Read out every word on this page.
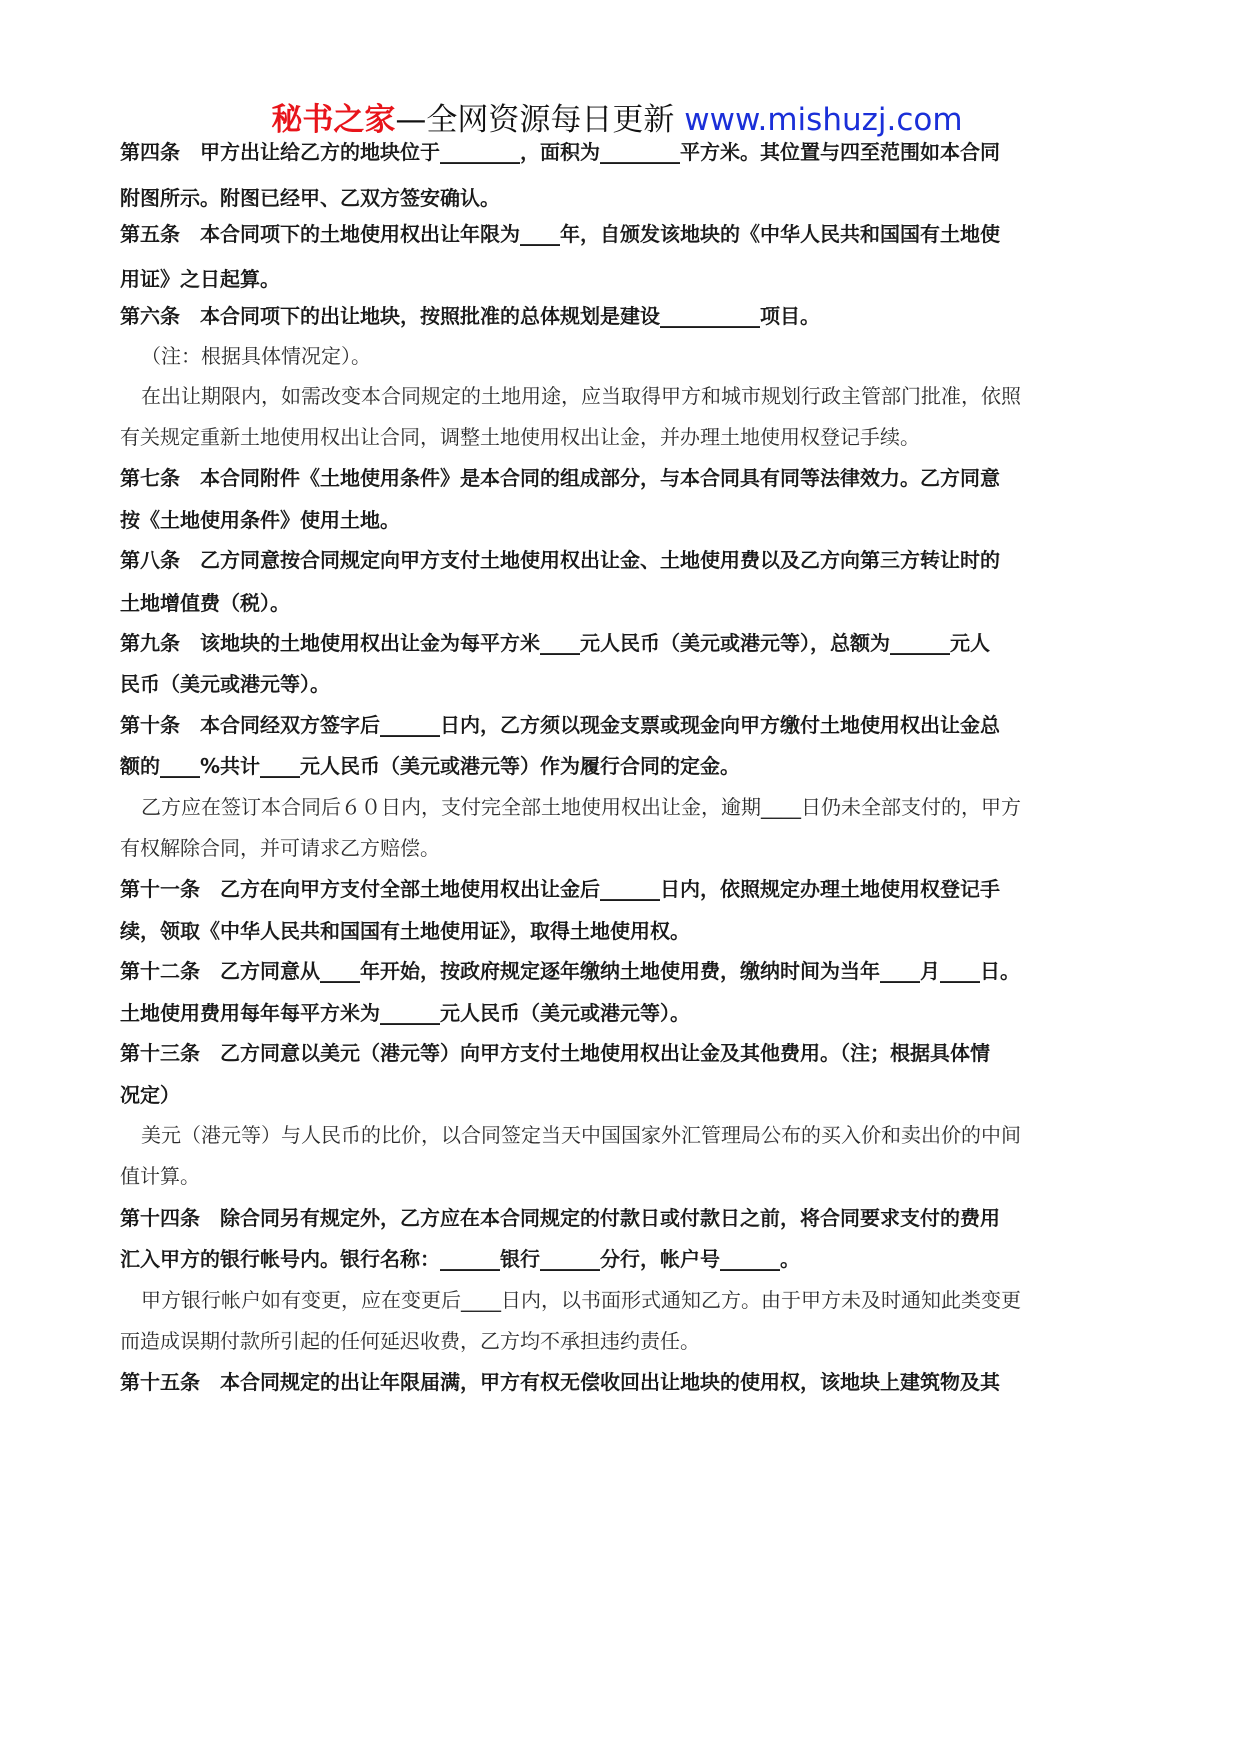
秘书之家—全网资源每日更新 www.mishuzj.com
第四条　甲方出让给乙方的地块位于________，面积为________平方米。其位置与四至范围如本合同
附图所示。附图已经甲、乙双方签安确认。
第五条　本合同项下的土地使用权出让年限为____年，自颁发该地块的《中华人民共和国国有土地使
用证》之日起算。
第六条　本合同项下的出让地块，按照批准的总体规划是建设__________项目。
（注：根据具体情况定）。
在出让期限内，如需改变本合同规定的土地用途，应当取得甲方和城市规划行政主管部门批准，依照
有关规定重新土地使用权出让合同，调整土地使用权出让金，并办理土地使用权登记手续。
第七条　本合同附件《土地使用条件》是本合同的组成部分，与本合同具有同等法律效力。乙方同意
按《土地使用条件》使用土地。
第八条　乙方同意按合同规定向甲方支付土地使用权出让金、土地使用费以及乙方向第三方转让时的
土地增值费（税）。
第九条　该地块的土地使用权出让金为每平方米____元人民币（美元或港元等），总额为______元人
民币（美元或港元等）。
第十条　本合同经双方签字后______日内，乙方须以现金支票或现金向甲方缴付土地使用权出让金总
额的____%共计____元人民币（美元或港元等）作为履行合同的定金。
乙方应在签订本合同后６０日内，支付完全部土地使用权出让金，逾期____日仍未全部支付的，甲方
有权解除合同，并可请求乙方赔偿。
第十一条　乙方在向甲方支付全部土地使用权出让金后______日内，依照规定办理土地使用权登记手
续，领取《中华人民共和国国有土地使用证》，取得土地使用权。
第十二条　乙方同意从____年开始，按政府规定逐年缴纳土地使用费，缴纳时间为当年____月____日。
土地使用费用每年每平方米为______元人民币（美元或港元等）。
第十三条　乙方同意以美元（港元等）向甲方支付土地使用权出让金及其他费用。（注；根据具体情
况定）
美元（港元等）与人民币的比价，以合同签定当天中国国家外汇管理局公布的买入价和卖出价的中间
值计算。
第十四条　除合同另有规定外，乙方应在本合同规定的付款日或付款日之前，将合同要求支付的费用
汇入甲方的银行帐号内。银行名称：______银行______分行，帐户号______。
甲方银行帐户如有变更，应在变更后____日内，以书面形式通知乙方。由于甲方未及时通知此类变更
而造成误期付款所引起的任何延迟收费，乙方均不承担违约责任。
第十五条　本合同规定的出让年限届满，甲方有权无偿收回出让地块的使用权，该地块上建筑物及其
